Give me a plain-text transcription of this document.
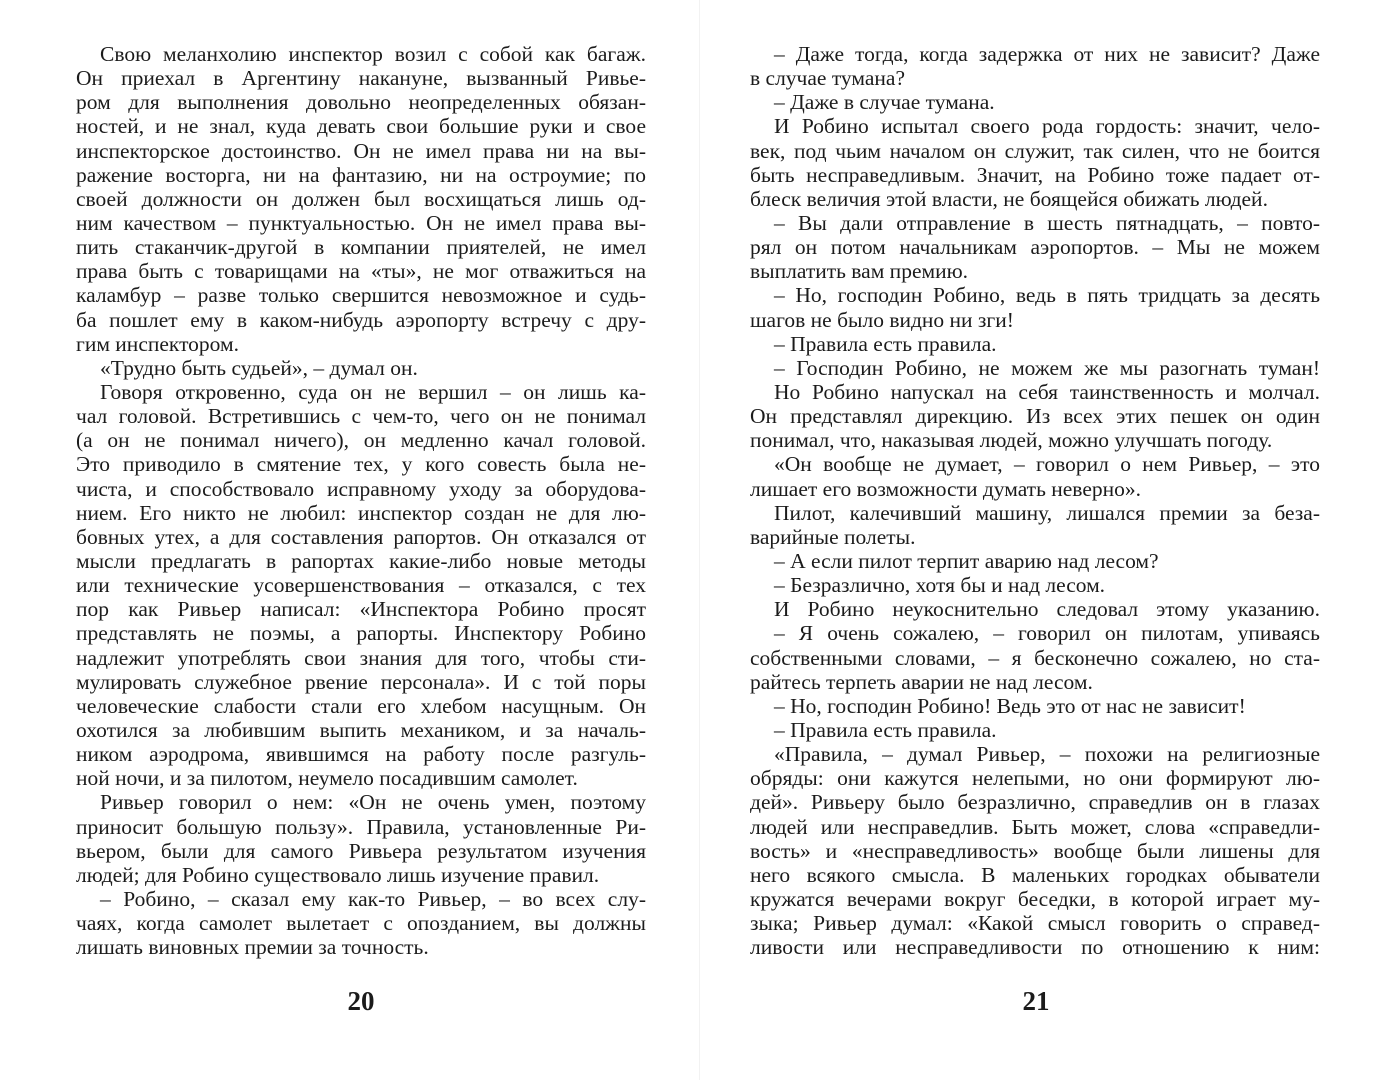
Свою меланхолию инспектор возил с собой как багаж.
Он приехал в Аргентину накануне, вызванный Ривье-
ром для выполнения довольно неопределенных обязан-
ностей, и не знал, куда девать свои большие руки и свое
инспекторское достоинство. Он не имел права ни на вы-
ражение восторга, ни на фантазию, ни на остроумие; по
своей должности он должен был восхищаться лишь од-
ним качеством – пунктуальностью. Он не имел права вы-
пить стаканчик-другой в компании приятелей, не имел
права быть с товарищами на «ты», не мог отважиться на
каламбур – разве только свершится невозможное и судь-
ба пошлет ему в каком-нибудь аэропорту встречу с дру-
гим инспектором.
«Трудно быть судьей», – думал он.
Говоря откровенно, суда он не вершил – он лишь ка-
чал головой. Встретившись с чем-то, чего он не понимал
(а он не понимал ничего), он медленно качал головой.
Это приводило в смятение тех, у кого совесть была не-
чиста, и способствовало исправному уходу за оборудова-
нием. Его никто не любил: инспектор создан не для лю-
бовных утех, а для составления рапортов. Он отказался от
мысли предлагать в рапортах какие-либо новые методы
или технические усовершенствования – отказался, с тех
пор как Ривьер написал: «Инспектора Робино просят
представлять не поэмы, а рапорты. Инспектору Робино
надлежит употреблять свои знания для того, чтобы сти-
мулировать служебное рвение персонала». И с той поры
человеческие слабости стали его хлебом насущным. Он
охотился за любившим выпить механиком, и за началь-
ником аэродрома, явившимся на работу после разгуль-
ной ночи, и за пилотом, неумело посадившим самолет.
Ривьер говорил о нем: «Он не очень умен, поэтому
приносит большую пользу». Правила, установленные Ри-
вьером, были для самого Ривьера результатом изучения
людей; для Робино существовало лишь изучение правил.
– Робино, – сказал ему как-то Ривьер, – во всех слу-
чаях, когда самолет вылетает с опозданием, вы должны
лишать виновных премии за точность.
20
– Даже тогда, когда задержка от них не зависит? Даже
в случае тумана?
– Даже в случае тумана.
И Робино испытал своего рода гордость: значит, чело-
век, под чьим началом он служит, так силен, что не боится
быть несправедливым. Значит, на Робино тоже падает от-
блеск величия этой власти, не боящейся обижать людей.
– Вы дали отправление в шесть пятнадцать, – повто-
рял он потом начальникам аэропортов. – Мы не можем
выплатить вам премию.
– Но, господин Робино, ведь в пять тридцать за десять
шагов не было видно ни зги!
– Правила есть правила.
– Господин Робино, не можем же мы разогнать туман!
Но Робино напускал на себя таинственность и молчал.
Он представлял дирекцию. Из всех этих пешек он один
понимал, что, наказывая людей, можно улучшать погоду.
«Он вообще не думает, – говорил о нем Ривьер, – это
лишает его возможности думать неверно».
Пилот, калечивший машину, лишался премии за беза-
варийные полеты.
– А если пилот терпит аварию над лесом?
– Безразлично, хотя бы и над лесом.
И Робино неукоснительно следовал этому указанию.
– Я очень сожалею, – говорил он пилотам, упиваясь
собственными словами, – я бесконечно сожалею, но ста-
райтесь терпеть аварии не над лесом.
– Но, господин Робино! Ведь это от нас не зависит!
– Правила есть правила.
«Правила, – думал Ривьер, – похожи на религиозные
обряды: они кажутся нелепыми, но они формируют лю-
дей». Ривьеру было безразлично, справедлив он в глазах
людей или несправедлив. Быть может, слова «справедли-
вость» и «несправедливость» вообще были лишены для
него всякого смысла. В маленьких городках обыватели
кружатся вечерами вокруг беседки, в которой играет му-
зыка; Ривьер думал: «Какой смысл говорить о справед-
ливости или несправедливости по отношению к ним:
21
